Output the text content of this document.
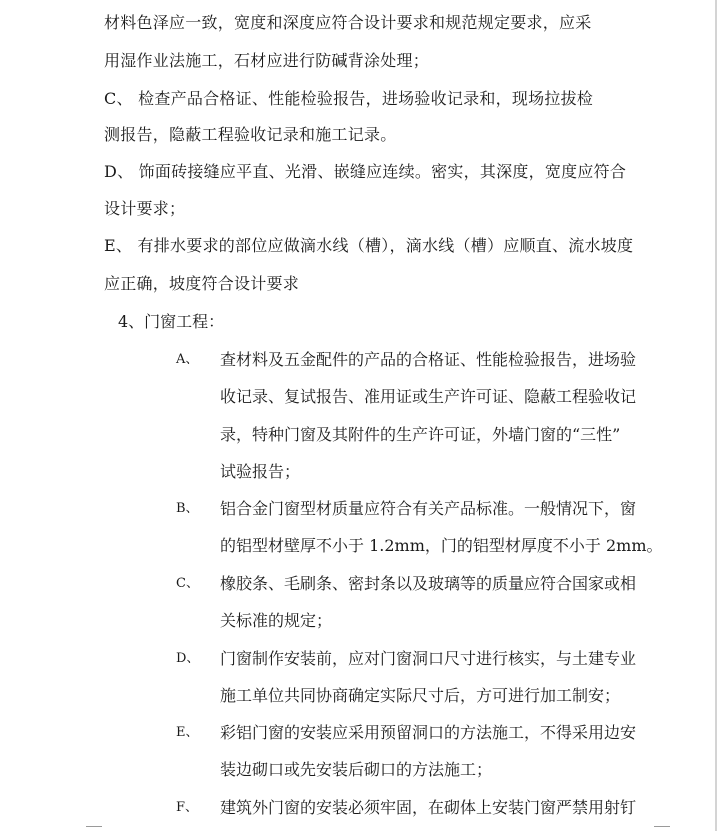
材料色泽应一致，宽度和深度应符合设计要求和规范规定要求，应采
用湿作业法施工，石材应进行防碱背涂处理；
C、 检查产品合格证、性能检验报告，进场验收记录和，现场拉拔检
测报告，隐蔽工程验收记录和施工记录。
D、 饰面砖接缝应平直、光滑、嵌缝应连续。密实，其深度，宽度应符合
设计要求；
E、 有排水要求的部位应做滴水线（槽），滴水线（槽）应顺直、流水坡度
应正确，坡度符合设计要求
4、门窗工程：
A、 查材料及五金配件的产品的合格证、性能检验报告，进场验
收记录、复试报告、准用证或生产许可证、隐蔽工程验收记
录，特种门窗及其附件的生产许可证，外墙门窗的“三性”
试验报告；
B、 铝合金门窗型材质量应符合有关产品标准。一般情况下，窗
的铝型材壁厚不小于 1.2mm，门的铝型材厚度不小于 2mm。
C、 橡胶条、毛刷条、密封条以及玻璃等的质量应符合国家或相
关标准的规定；
D、 门窗制作安装前，应对门窗洞口尺寸进行核实，与土建专业
施工单位共同协商确定实际尺寸后，方可进行加工制安；
E、 彩铝门窗的安装应采用预留洞口的方法施工，不得采用边安
装边砌口或先安装后砌口的方法施工；
F、 建筑外门窗的安装必须牢固，在砌体上安装门窗严禁用射钉
